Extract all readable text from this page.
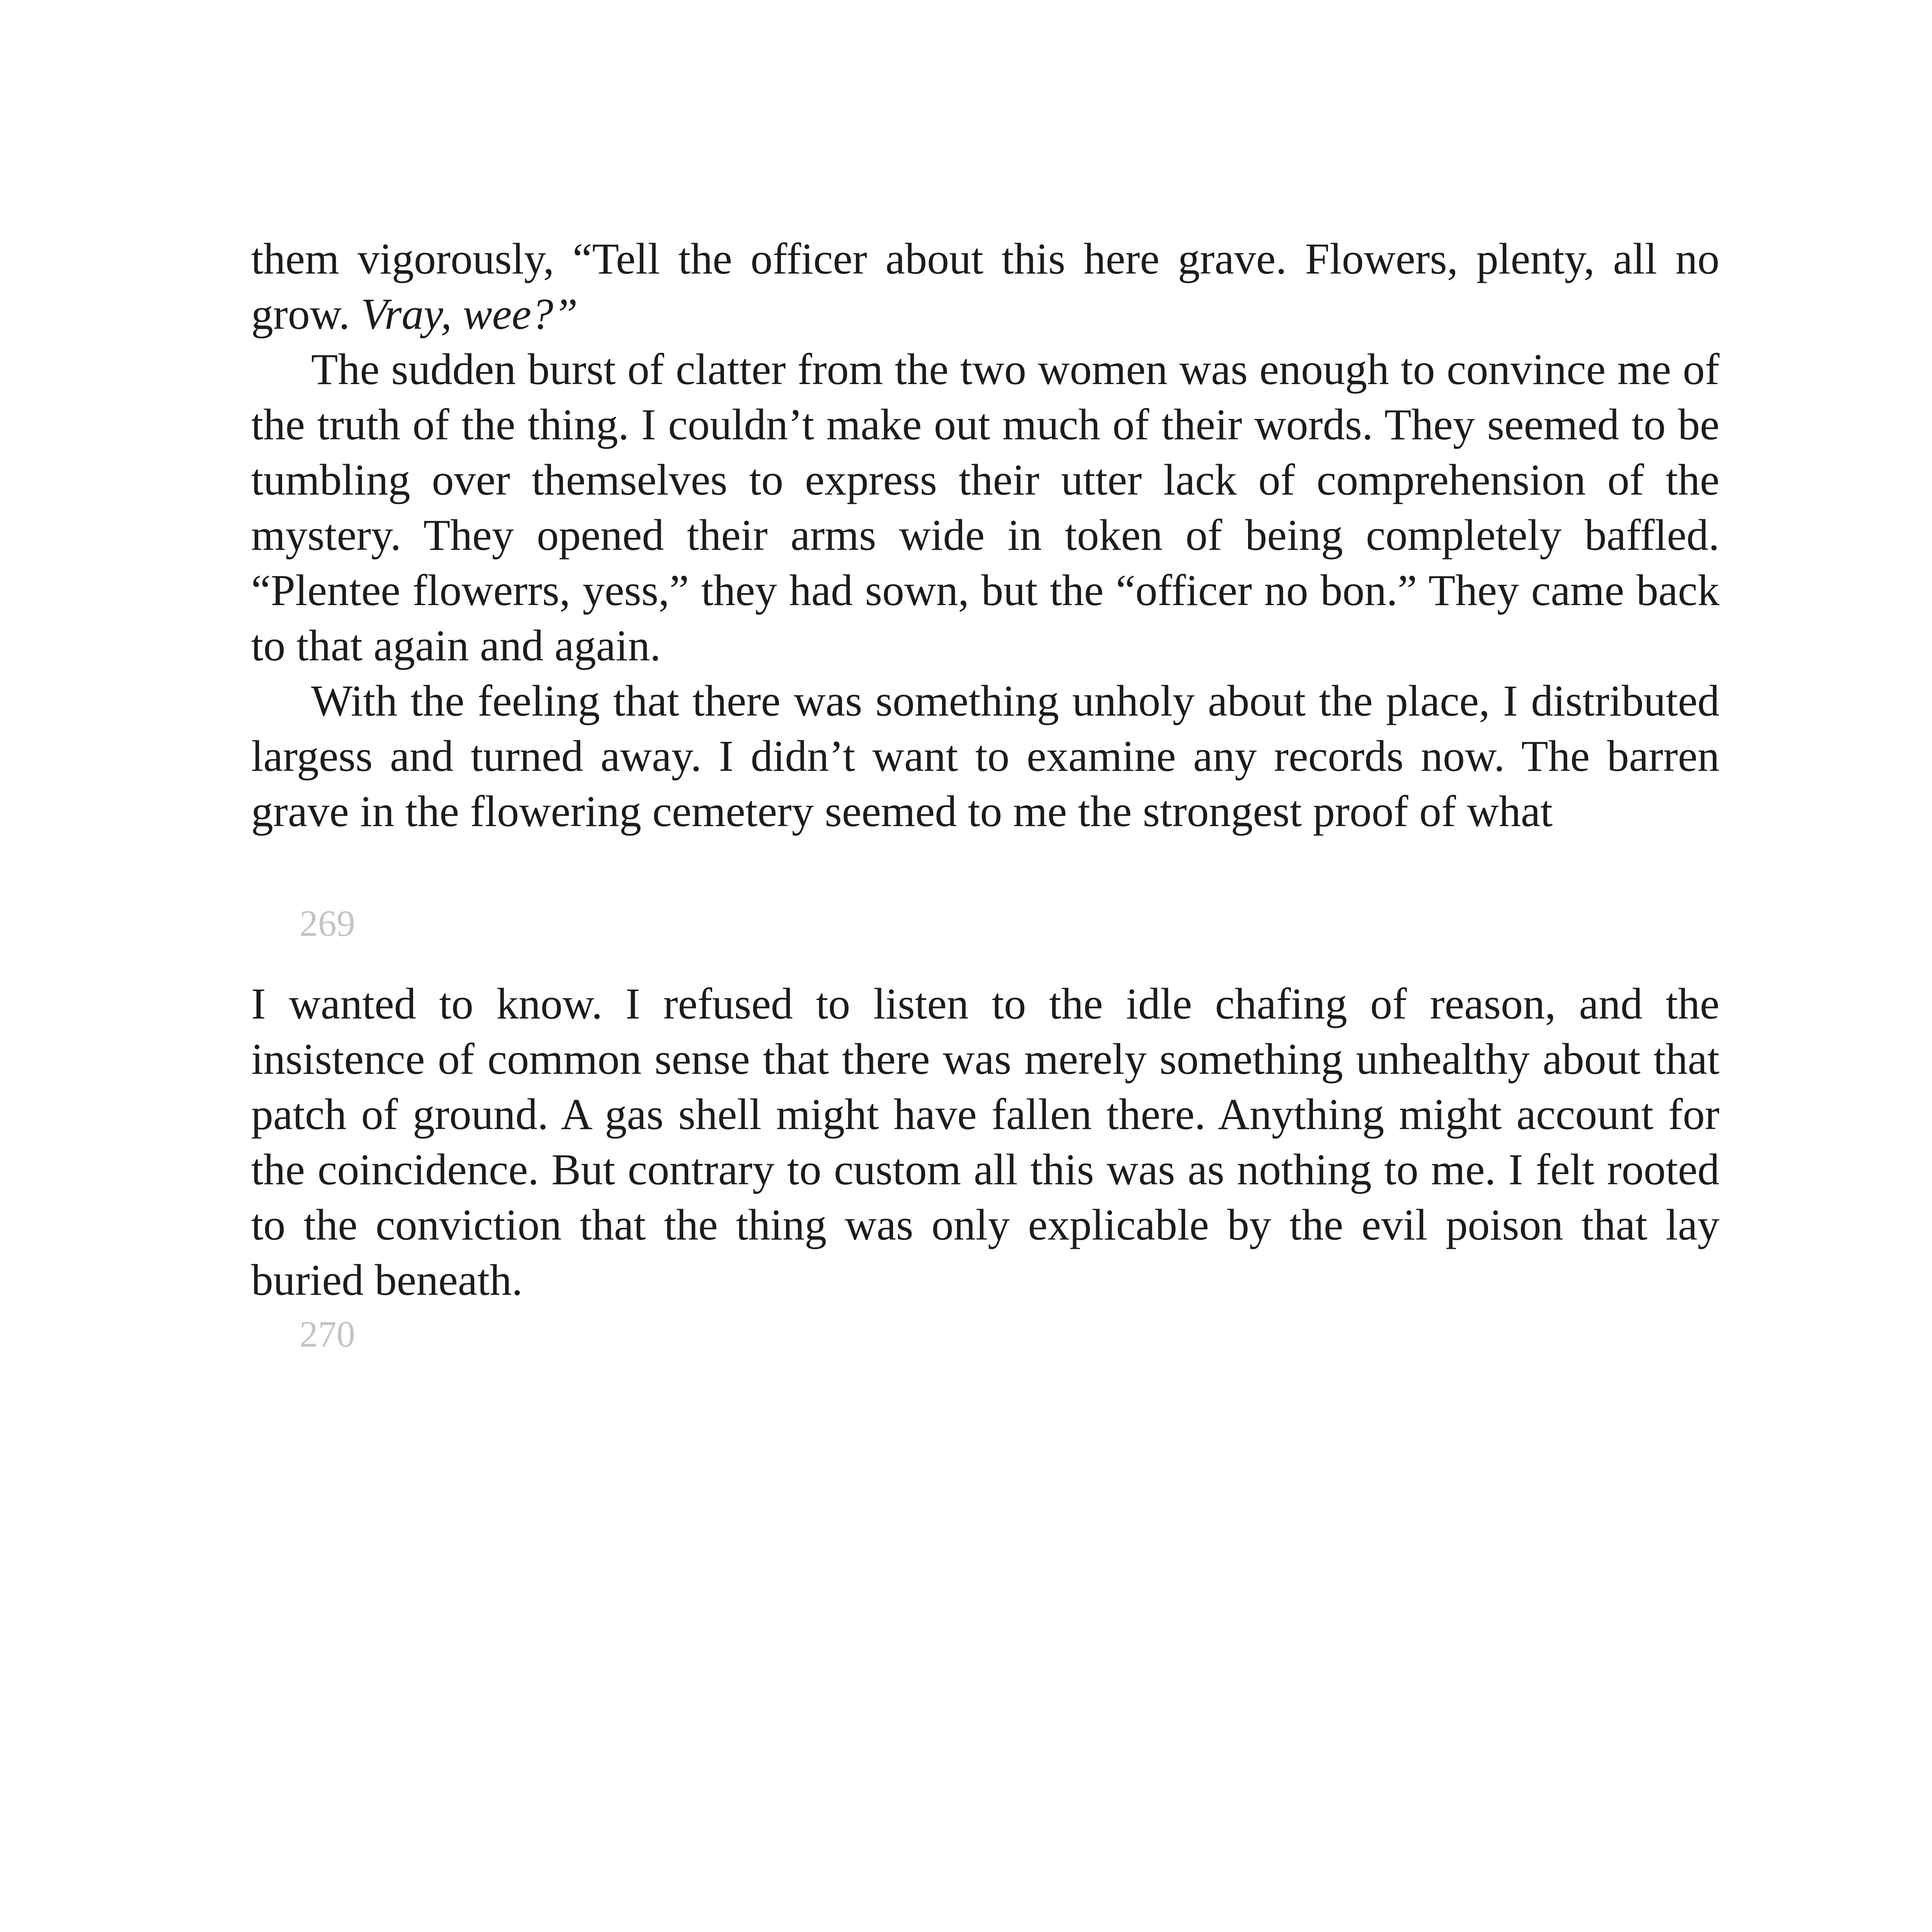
them vigorously, “Tell the officer about this here grave. Flowers, plenty, all no grow. Vray, wee?”

The sudden burst of clatter from the two women was enough to convince me of the truth of the thing. I couldn’t make out much of their words. They seemed to be tumbling over themselves to express their utter lack of comprehension of the mystery. They opened their arms wide in token of being completely baffled. “Plentee flowerrs, yess,” they had sown, but the “officer no bon.” They came back to that again and again.

With the feeling that there was something unholy about the place, I distributed largess and turned away. I didn’t want to examine any records now. The barren grave in the flowering cemetery seemed to me the strongest proof of what

269

I wanted to know. I refused to listen to the idle chafing of reason, and the insistence of common sense that there was merely something unhealthy about that patch of ground. A gas shell might have fallen there. Anything might account for the coincidence. But contrary to custom all this was as nothing to me. I felt rooted to the conviction that the thing was only explicable by the evil poison that lay buried beneath.

270
